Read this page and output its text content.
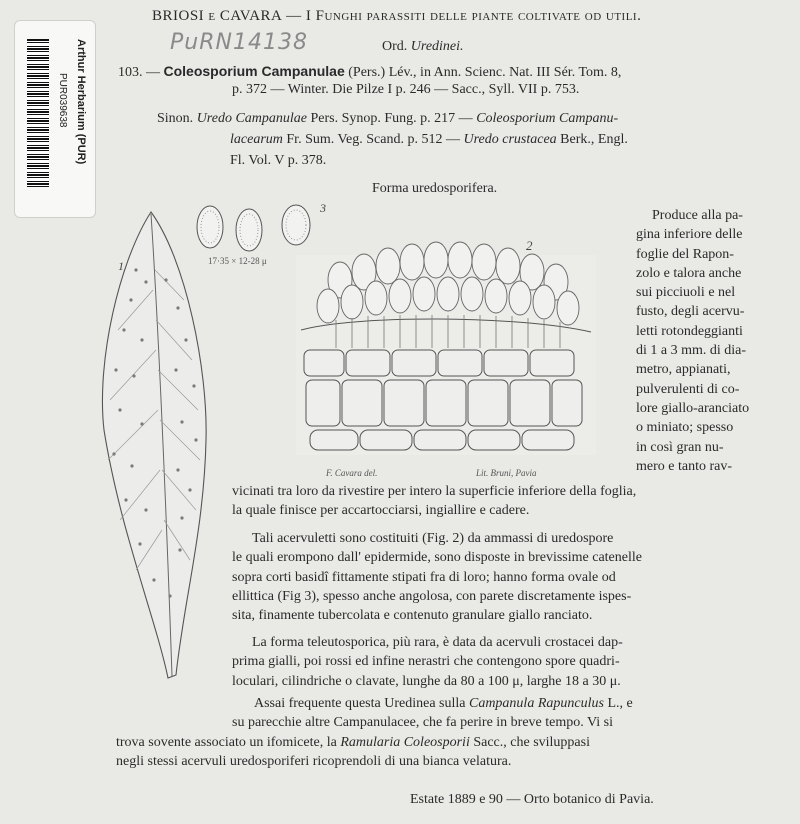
Arthur Herbarium (PUR)
PUR039638
BRIOSI e CAVARA — I Funghi parassiti delle piante coltivate od utili.
PuRN14138	Ord. Uredinei.
103. — Coleosporium Campanulae (Pers.) Lév., in Ann. Scienc. Nat. III Sér. Tom. 8,
p. 372 — Winter. Die Pilze I p. 246 — Sacc., Syll. VII p. 753.
Sinon. Uredo Campanulae Pers. Synop. Fung. p. 217 — Coleosporium Campanu-
lacearum Fr. Sum. Veg. Scand. p. 512 — Uredo crustacea Berk., Engl.
Fl. Vol. V p. 378.
Forma uredosporifera.
1
3
17·35 × 12-28 μ
2
F. Cavara del.	Lit. Bruni, Pavia

Produce alla pa-

gina inferiore delle

foglie del Rapon-

zolo e talora anche

sui picciuoli e nel

fusto, degli acervu-

letti rotondeggianti

di 1 a 3 mm. di dia-

metro, appianati,

pulverulenti di co-

lore giallo-aranciato

o miniato; spesso

in così gran nu-

mero e tanto rav-

vicinati tra loro da rivestire per intero la superficie inferiore della foglia,

la quale finisce per accartocciarsi, ingiallire e cadere.

Tali acervuletti sono costituiti (Fig. 2) da ammassi di uredospore

le quali erompono dall' epidermide, sono disposte in brevissime catenelle

sopra corti basidî fittamente stipati fra di loro; hanno forma ovale od

ellittica (Fig 3), spesso anche angolosa, con parete discretamente ispes-

sita, finamente tubercolata e contenuto granulare giallo ranciato.

La forma teleutosporica, più rara, è data da acervuli crostacei dap-

prima gialli, poi rossi ed infine nerastri che contengono spore quadri-

loculari, cilindriche o clavate, lunghe da 80 a 100 μ, larghe 18 a 30 μ.

Assai frequente questa Uredinea sulla Campanula Rapunculus L., e

su parecchie altre Campanulacee, che fa perire in breve tempo. Vi si

trova sovente associato un ifomicete, la Ramularia Coleosporii Sacc., che sviluppasi

negli stessi acervuli uredosporiferi ricoprendoli di una bianca velatura.

Estate 1889 e 90 — Orto botanico di Pavia.
